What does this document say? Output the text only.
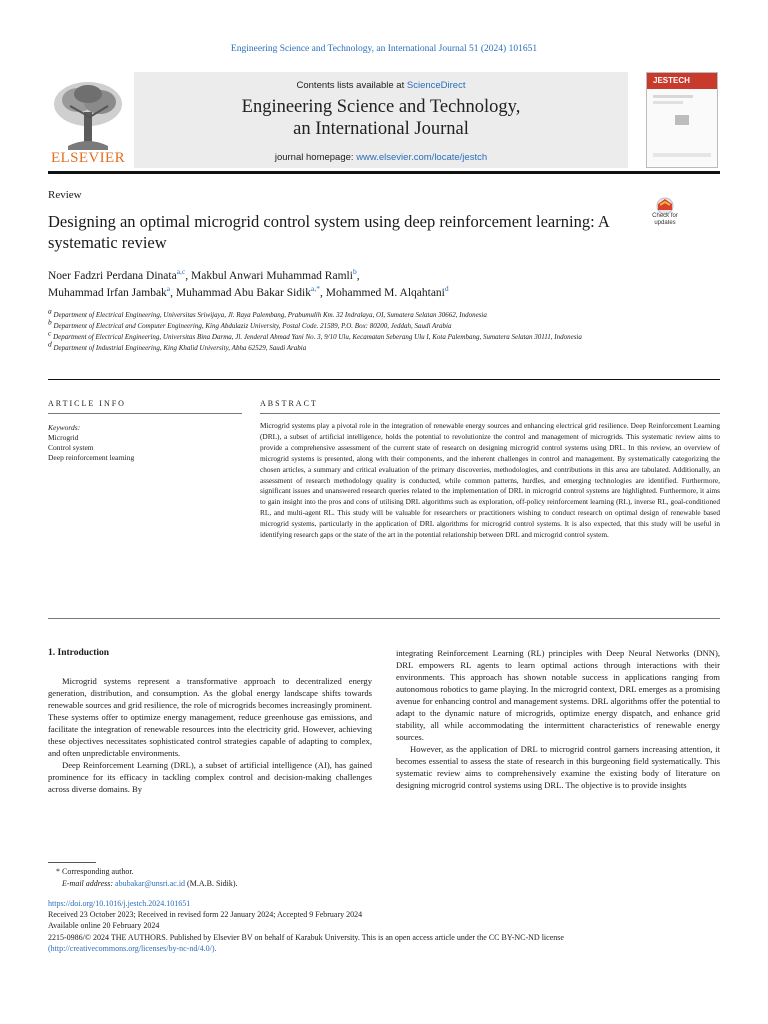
Engineering Science and Technology, an International Journal 51 (2024) 101651
ELSEVIER
Contents lists available at ScienceDirect
Engineering Science and Technology,
an International Journal
journal homepage: www.elsevier.com/locate/jestch
JESTECH
Review
Designing an optimal microgrid control system using deep reinforcement learning: A systematic review
Check for updates
Noer Fadzri Perdana Dinata$^{a,c}$, Makbul Anwari Muhammad Ramli$^b$,
Muhammad Irfan Jambak$^a$, Muhammad Abu Bakar Sidik$^{a,*}$, Mohammed M. Alqahtani$^d$
$^a$ Department of Electrical Engineering, Universitas Sriwijaya, Jl. Raya Palembang, Prabumulih Km. 32 Indralaya, OI, Sumatera Selatan 30662, Indonesia
$^b$ Department of Electrical and Computer Engineering, King Abdulaziz University, Postal Code. 21589, P.O. Box: 80200, Jeddah, Saudi Arabia
$^c$ Department of Electrical Engineering, Universitas Bina Darma, Jl. Jenderal Ahmad Yani No. 3, 9/10 Ulu, Kecamatan Seberang Ulu I, Kota Palembang, Sumatera Selatan 30111, Indonesia
$^d$ Department of Industrial Engineering, King Khalid University, Abha 62529, Saudi Arabia
ARTICLE INFO	ABSTRACT
Keywords:
Microgrid
Control system
Deep reinforcement learning
Microgrid systems play a pivotal role in the integration of renewable energy sources and enhancing electrical grid resilience. Deep Reinforcement Learning (DRL), a subset of artificial intelligence, holds the potential to revolutionize the control and management of microgrids. This systematic review aims to provide a comprehensive assessment of the current state of research on designing microgrid control systems using DRL. In this review, an overview of microgrid systems is presented, along with their components, and the inherent challenges in control and management. By systematically categorizing the chosen articles, a summary and critical evaluation of the primary discoveries, methodologies, and contributions in this area are tabulated. Additionally, an assessment of research methodology quality is conducted, while common patterns, hurdles, and emerging technologies are identified. Furthermore, significant issues and unanswered research queries related to the implementation of DRL in microgrid control systems are highlighted. Furthermore, it aims to gain insight into the pros and cons of utilising DRL algorithms such as exploration, off-policy reinforcement learning (RL), inverse RL, goal-conditioned RL, and multi-agent RL. This study will be valuable for researchers or practitioners wishing to conduct research on optimal design of renewable based microgrid systems, particularly in the application of DRL algorithms for microgrid control systems. It is also expected, that this study will be useful in identifying research gaps or the state of the art in the potential relationship between DRL and microgrid control system.
1. Introduction

Microgrid systems represent a transformative approach to decentralized energy generation, distribution, and consumption. As the global energy landscape shifts towards renewable sources and grid resilience, the role of microgrids becomes increasingly prominent. These systems offer to optimize energy management, reduce greenhouse gas emissions, and facilitate the integration of renewable resources into the electricity grid. However, achieving these objectives necessitates sophisticated control strategies capable of adapting to complex, and often unpredictable environments.

Deep Reinforcement Learning (DRL), a subset of artificial intelligence (AI), has gained prominence for its efficacy in tackling complex control and decision-making challenges across diverse domains. By

integrating Reinforcement Learning (RL) principles with Deep Neural Networks (DNN), DRL empowers RL agents to learn optimal actions through interactions with their environments. This approach has shown notable success in applications ranging from autonomous robotics to game playing. In the microgrid context, DRL emerges as a promising avenue for enhancing control and management systems. DRL algorithms offer the potential to adapt to the dynamic nature of microgrids, optimize energy dispatch, and enhance grid stability, all while accommodating the intermittent characteristics of renewable energy sources.

However, as the application of DRL to microgrid control garners increasing attention, it becomes essential to assess the state of research in this burgeoning field systematically. This systematic review aims to comprehensively examine the existing body of literature on designing microgrid control systems using DRL. The objective is to provide insights

* Corresponding author.
E-mail address: abubakar@unsri.ac.id (M.A.B. Sidik).
https://doi.org/10.1016/j.jestch.2024.101651
Received 23 October 2023; Received in revised form 22 January 2024; Accepted 9 February 2024
Available online 20 February 2024
2215-0986/© 2024 THE AUTHORS. Published by Elsevier BV on behalf of Karabuk University. This is an open access article under the CC BY-NC-ND license
(http://creativecommons.org/licenses/by-nc-nd/4.0/).
